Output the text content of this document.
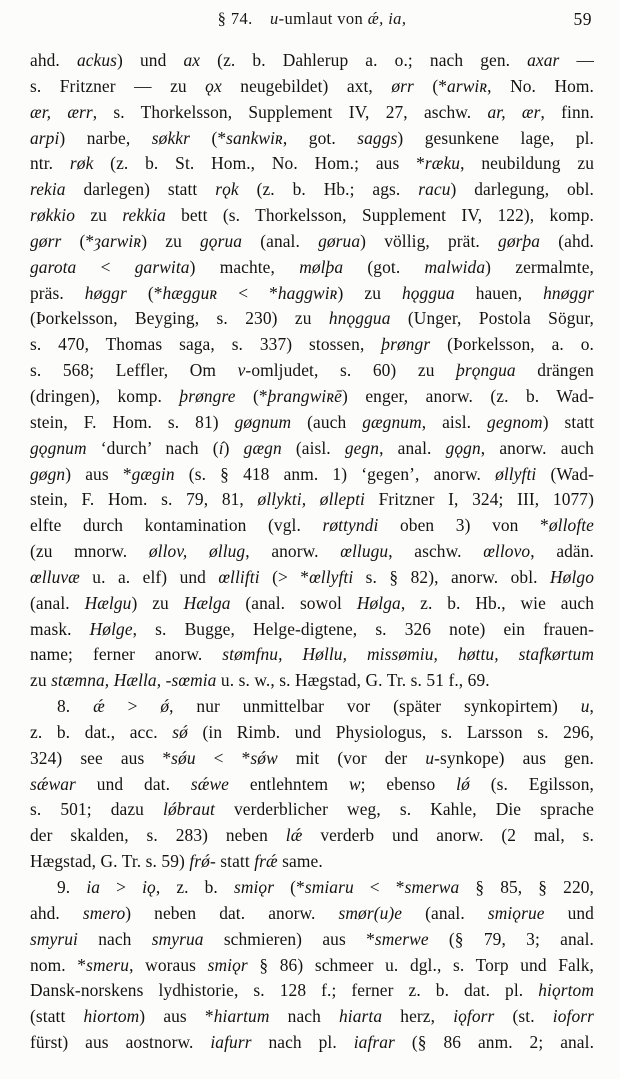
§ 74.  u-umlaut von ǽ, ia,	59
ahd. ackus) und ax (z. b. Dahlerup a. o.; nach gen. axar —
s. Fritzner — zu ǫx neugebildet) axt, ørr (*arwiʀ, No. Hom.
ær, ærr, s. Thorkelsson, Supplement IV, 27, aschw. ar, ær, finn.
arpi) narbe, søkkr (*sankwiʀ, got. saggs) gesunkene lage, pl.
ntr. røk (z. b. St. Hom., No. Hom.; aus *ræku, neubildung zu
rekia darlegen) statt rǫk (z. b. Hb.; ags. racu) darlegung, obl.
røkkio zu rekkia bett (s. Thorkelsson, Supplement IV, 122), komp.
gørr (*ȝarwiʀ) zu gǫrua (anal. gørua) völlig, prät. gørþa (ahd.
garota < garwita) machte, mølþa (got. malwida) zermalmte,
präs. høggr (*hægguʀ < *haggwiʀ) zu hǫggua hauen, hnøggr
(Þorkelsson, Beyging, s. 230) zu hnǫggua (Unger, Postola Sögur,
s. 470, Thomas saga, s. 337) stossen, þrøngr (Þorkelsson, a. o.
s. 568; Leffler, Om v-omljudet, s. 60) zu þrǫngua drängen
(dringen), komp. þrøngre (*þrangwiʀē) enger, anorw. (z. b. Wad-
stein, F. Hom. s. 81) gøgnum (auch gægnum, aisl. gegnom) statt
gǫgnum ‘durch’ nach (í) gægn (aisl. gegn, anal. gǫgn, anorw. auch
gøgn) aus *gægin (s. § 418 anm. 1) ‘gegen’, anorw. øllyfti (Wad-
stein, F. Hom. s. 79, 81, øllykti, øllepti Fritzner I, 324; III, 1077)
elfte durch kontamination (vgl. røttyndi oben 3) von *øllofte
(zu mnorw. øllov, øllug, anorw. œllugu, aschw. œllovo, adän.
œlluvæ u. a. elf) und œllifti (> *œllyfti s. § 82), anorw. obl. Hølgo
(anal. Hælgu) zu Hælga (anal. sowol Hølga, z. b. Hb., wie auch
mask. Hølge, s. Bugge, Helge-digtene, s. 326 note) ein frauen-
name; ferner anorw. stømfnu, Høllu, missømiu, høttu, stafkørtum
zu stæmna, Hælla, -sœmia u. s. w., s. Hægstad, G. Tr. s. 51 f., 69.
8. ǽ > ǿ, nur unmittelbar vor (später synkopirtem) u,
z. b. dat., acc. sǿ (in Rimb. und Physiologus, s. Larsson s. 296,
324) see aus *sǿu < *sǿw mit (vor der u-synkope) aus gen.
sǽwar und dat. sǽwe entlehntem w; ebenso lǿ (s. Egilsson,
s. 501; dazu lǿbraut verderblicher weg, s. Kahle, Die sprache
der skalden, s. 283) neben lǽ verderb und anorw. (2 mal, s.
Hægstad, G. Tr. s. 59) frǿ- statt frǽ same.
9. ia > iǫ, z. b. smiǫr (*smiaru < *smerwa § 85, § 220,
ahd. smero) neben dat. anorw. smør(u)e (anal. smiǫrue und
smyrui nach smyrua schmieren) aus *smerwe (§ 79, 3; anal.
nom. *smeru, woraus smiǫr § 86) schmeer u. dgl., s. Torp und Falk,
Dansk-norskens lydhistorie, s. 128 f.; ferner z. b. dat. pl. hiǫrtom
(statt hiortom) aus *hiartum nach hiarta herz, iǫforr (st. ioforr
fürst) aus aostnorw. iafurr nach pl. iafrar (§ 86 anm. 2; anal.
